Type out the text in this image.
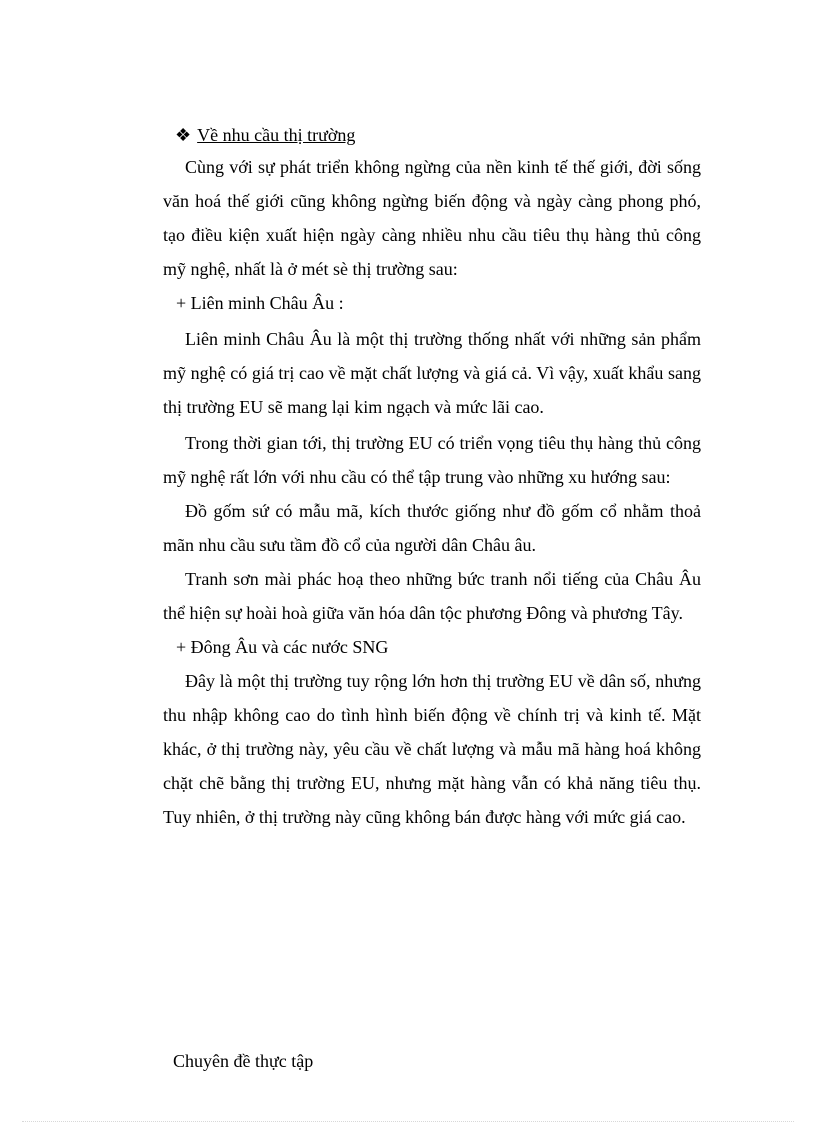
❖ Về nhu cầu thị trường

Cùng với sự phát triển không ngừng của nền kinh tế thế giới, đời sống văn hoá thế giới cũng không ngừng biến động và ngày càng phong phó, tạo điều kiện xuất hiện ngày càng nhiều nhu cầu tiêu thụ hàng thủ công mỹ nghệ, nhất là ở mét sè thị trường sau:

+ Liên minh Châu Âu :

Liên minh Châu Âu là một thị trường thống nhất với những sản phẩm mỹ nghệ có giá trị cao về mặt chất lượng và giá cả. Vì vậy, xuất khẩu sang thị trường EU sẽ mang lại kim ngạch và mức lãi cao.

Trong thời gian tới, thị trường EU có triển vọng tiêu thụ hàng thủ công mỹ nghệ rất lớn với nhu cầu có thể tập trung vào những xu hướng sau:

Đồ gốm sứ có mẫu mã, kích thước giống như đồ gốm cổ nhằm thoả mãn nhu cầu sưu tầm đồ cổ của người dân Châu âu.

Tranh sơn mài phác hoạ theo những bức tranh nổi tiếng của Châu Âu thể hiện sự hoài hoà giữa văn hóa dân tộc phương Đông và phương Tây.

+ Đông Âu và các nước SNG

Đây là một thị trường tuy rộng lớn hơn thị trường EU về dân số, nhưng thu nhập không cao do tình hình biến động về chính trị và kinh tế. Mặt khác, ở thị trường này, yêu cầu về chất lượng và mẫu mã hàng hoá không chặt chẽ bằng thị trường EU, nhưng mặt hàng vẫn có khả năng tiêu thụ. Tuy nhiên, ở thị trường này cũng không bán được hàng với mức giá cao.

Chuyên đề thực tập
